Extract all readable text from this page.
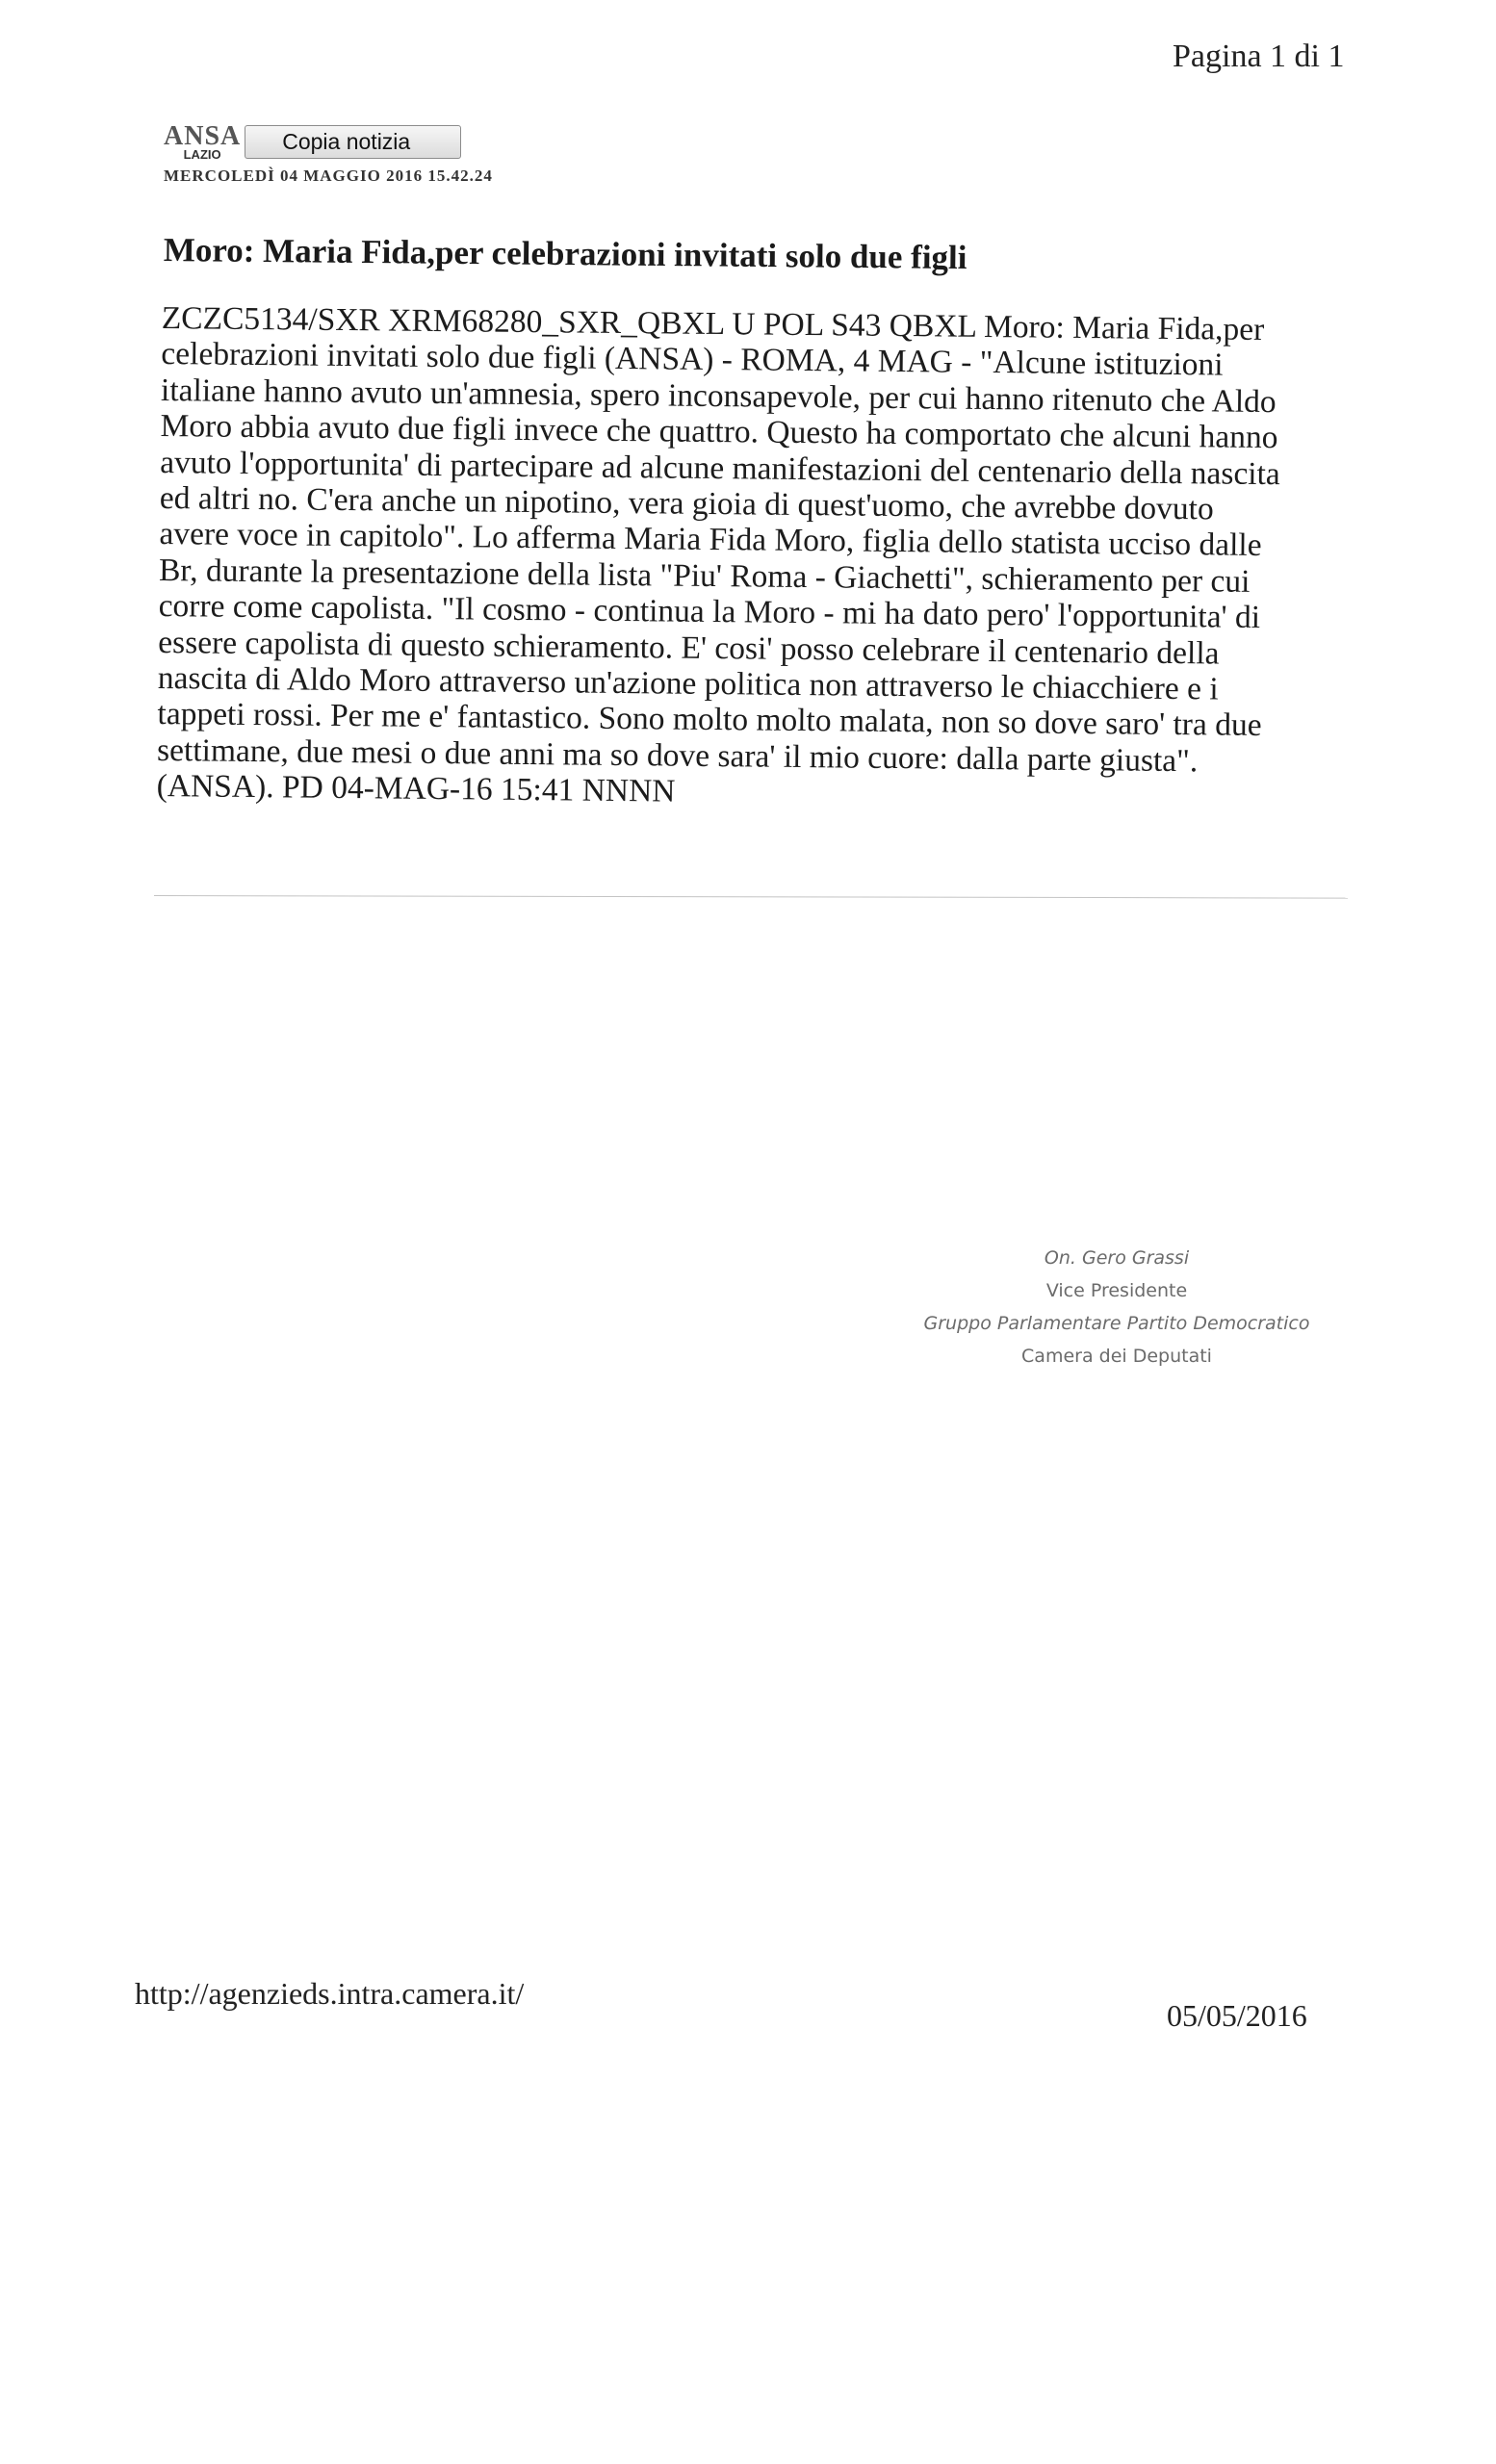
Pagina 1 di 1
ANSA
LAZIO
Copia notizia
MERCOLEDÌ 04 MAGGIO 2016 15.42.24
Moro: Maria Fida,per celebrazioni invitati solo due figli
ZCZC5134/SXR XRM68280_SXR_QBXL U POL S43 QBXL Moro: Maria Fida,per
celebrazioni invitati solo due figli (ANSA) - ROMA, 4 MAG - "Alcune istituzioni
italiane hanno avuto un'amnesia, spero inconsapevole, per cui hanno ritenuto che Aldo
Moro abbia avuto due figli invece che quattro. Questo ha comportato che alcuni hanno
avuto l'opportunita' di partecipare ad alcune manifestazioni del centenario della nascita
ed altri no. C'era anche un nipotino, vera gioia di quest'uomo, che avrebbe dovuto
avere voce in capitolo". Lo afferma Maria Fida Moro, figlia dello statista ucciso dalle
Br, durante la presentazione della lista "Piu' Roma - Giachetti", schieramento per cui
corre come capolista. "Il cosmo - continua la Moro - mi ha dato pero' l'opportunita' di
essere capolista di questo schieramento. E' cosi' posso celebrare il centenario della
nascita di Aldo Moro attraverso un'azione politica non attraverso le chiacchiere e i
tappeti rossi. Per me e' fantastico. Sono molto molto malata, non so dove saro' tra due
settimane, due mesi o due anni ma so dove sara' il mio cuore: dalla parte giusta".
(ANSA). PD 04-MAG-16 15:41 NNNN
On. Gero Grassi
Vice Presidente
Gruppo Parlamentare Partito Democratico
Camera dei Deputati
http://agenzieds.intra.camera.it/
05/05/2016
